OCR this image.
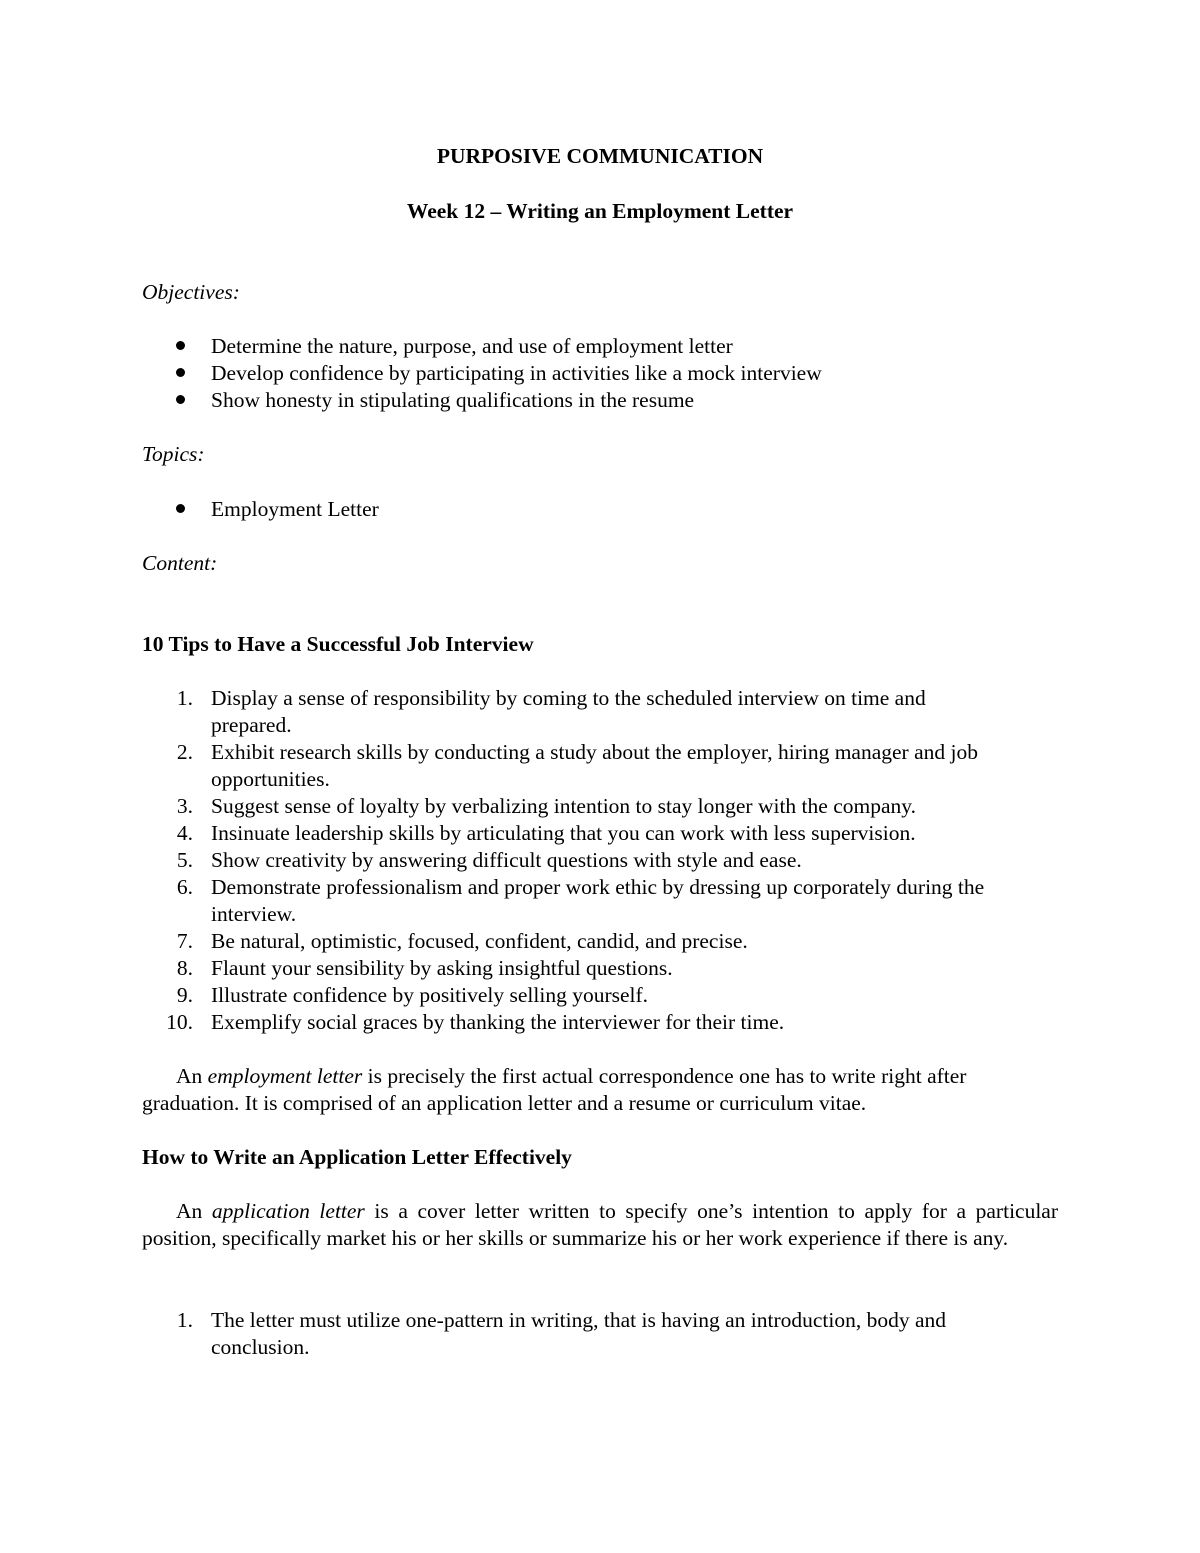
PURPOSIVE COMMUNICATION
Week 12 – Writing an Employment Letter
Objectives:
Determine the nature, purpose, and use of employment letter
Develop confidence by participating in activities like a mock interview
Show honesty in stipulating qualifications in the resume
Topics:
Employment Letter
Content:
10 Tips to Have a Successful Job Interview
1. Display a sense of responsibility by coming to the scheduled interview on time and
prepared.
2. Exhibit research skills by conducting a study about the employer, hiring manager and job
opportunities.
3. Suggest sense of loyalty by verbalizing intention to stay longer with the company.
4. Insinuate leadership skills by articulating that you can work with less supervision.
5. Show creativity by answering difficult questions with style and ease.
6. Demonstrate professionalism and proper work ethic by dressing up corporately during the
interview.
7. Be natural, optimistic, focused, confident, candid, and precise.
8. Flaunt your sensibility by asking insightful questions.
9. Illustrate confidence by positively selling yourself.
10. Exemplify social graces by thanking the interviewer for their time.
An employment letter is precisely the first actual correspondence one has to write right after
graduation. It is comprised of an application letter and a resume or curriculum vitae.
How to Write an Application Letter Effectively
An application letter is a cover letter written to specify one’s intention to apply for a particular position, specifically market his or her skills or summarize his or her work experience if there is any.
1. The letter must utilize one-pattern in writing, that is having an introduction, body and
conclusion.
